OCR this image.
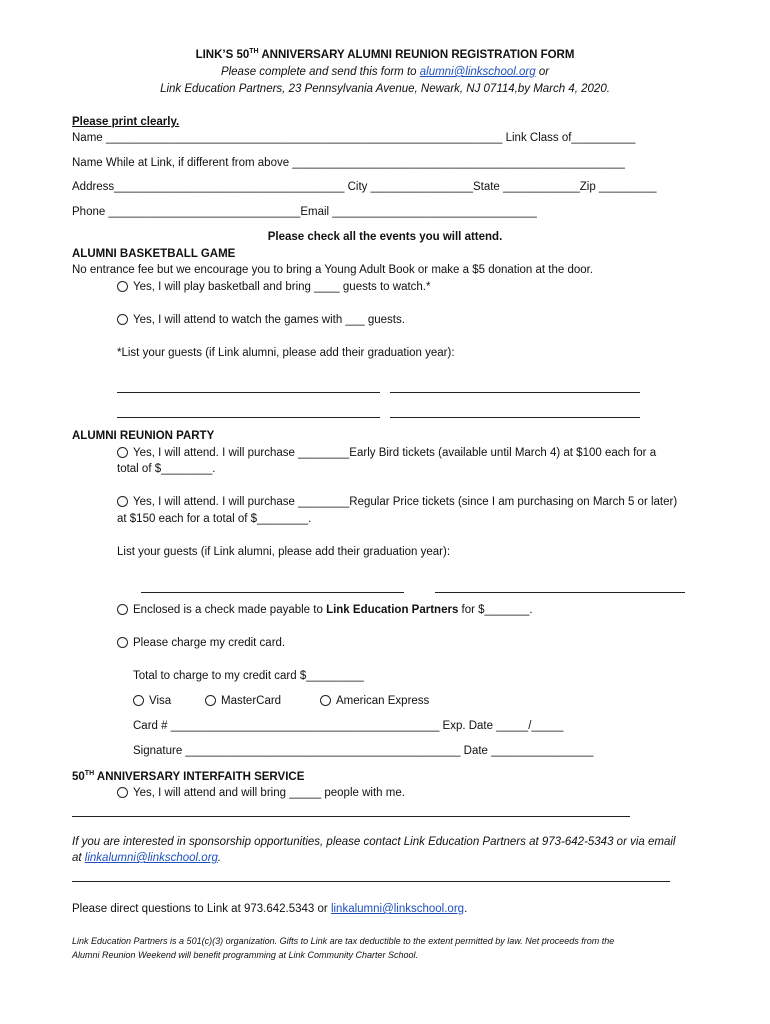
LINK’S 50TH ANNIVERSARY ALUMNI REUNION REGISTRATION FORM
Please complete and send this form to alumni@linkschool.org or
Link Education Partners, 23 Pennsylvania Avenue, Newark, NJ 07114,by March 4, 2020.
Please print clearly.
Name ______________________________________________________________ Link Class of__________
Name While at Link, if different from above ____________________________________________________
Address____________________________________ City ________________State ____________Zip _________
Phone ______________________________Email ________________________________
Please check all the events you will attend.
ALUMNI BASKETBALL GAME
No entrance fee but we encourage you to bring a Young Adult Book or make a $5 donation at the door.
Yes, I will play basketball and bring ____ guests to watch.*
Yes, I will attend to watch the games with ___ guests.
*List your guests (if Link alumni, please add their graduation year):
ALUMNI REUNION PARTY
Yes, I will attend. I will purchase ________Early Bird tickets (available until March 4) at $100 each for a
total of $________.
Yes, I will attend. I will purchase ________Regular Price tickets (since I am purchasing on March 5 or later)
at $150 each for a total of $________.
List your guests (if Link alumni, please add their graduation year):
Enclosed is a check made payable to Link Education Partners for $_______.
Please charge my credit card.
Total to charge to my credit card $_________
Visa	MasterCard	American Express
Card # __________________________________________ Exp. Date _____/_____
Signature ___________________________________________ Date ________________
50TH ANNIVERSARY INTERFAITH SERVICE
Yes, I will attend and will bring _____ people with me.
If you are interested in sponsorship opportunities, please contact Link Education Partners at 973-642-5343 or via email
at linkalumni@linkschool.org.
Please direct questions to Link at 973.642.5343 or linkalumni@linkschool.org.
Link Education Partners is a 501(c)(3) organization. Gifts to Link are tax deductible to the extent permitted by law. Net proceeds from the
Alumni Reunion Weekend will benefit programming at Link Community Charter School.
